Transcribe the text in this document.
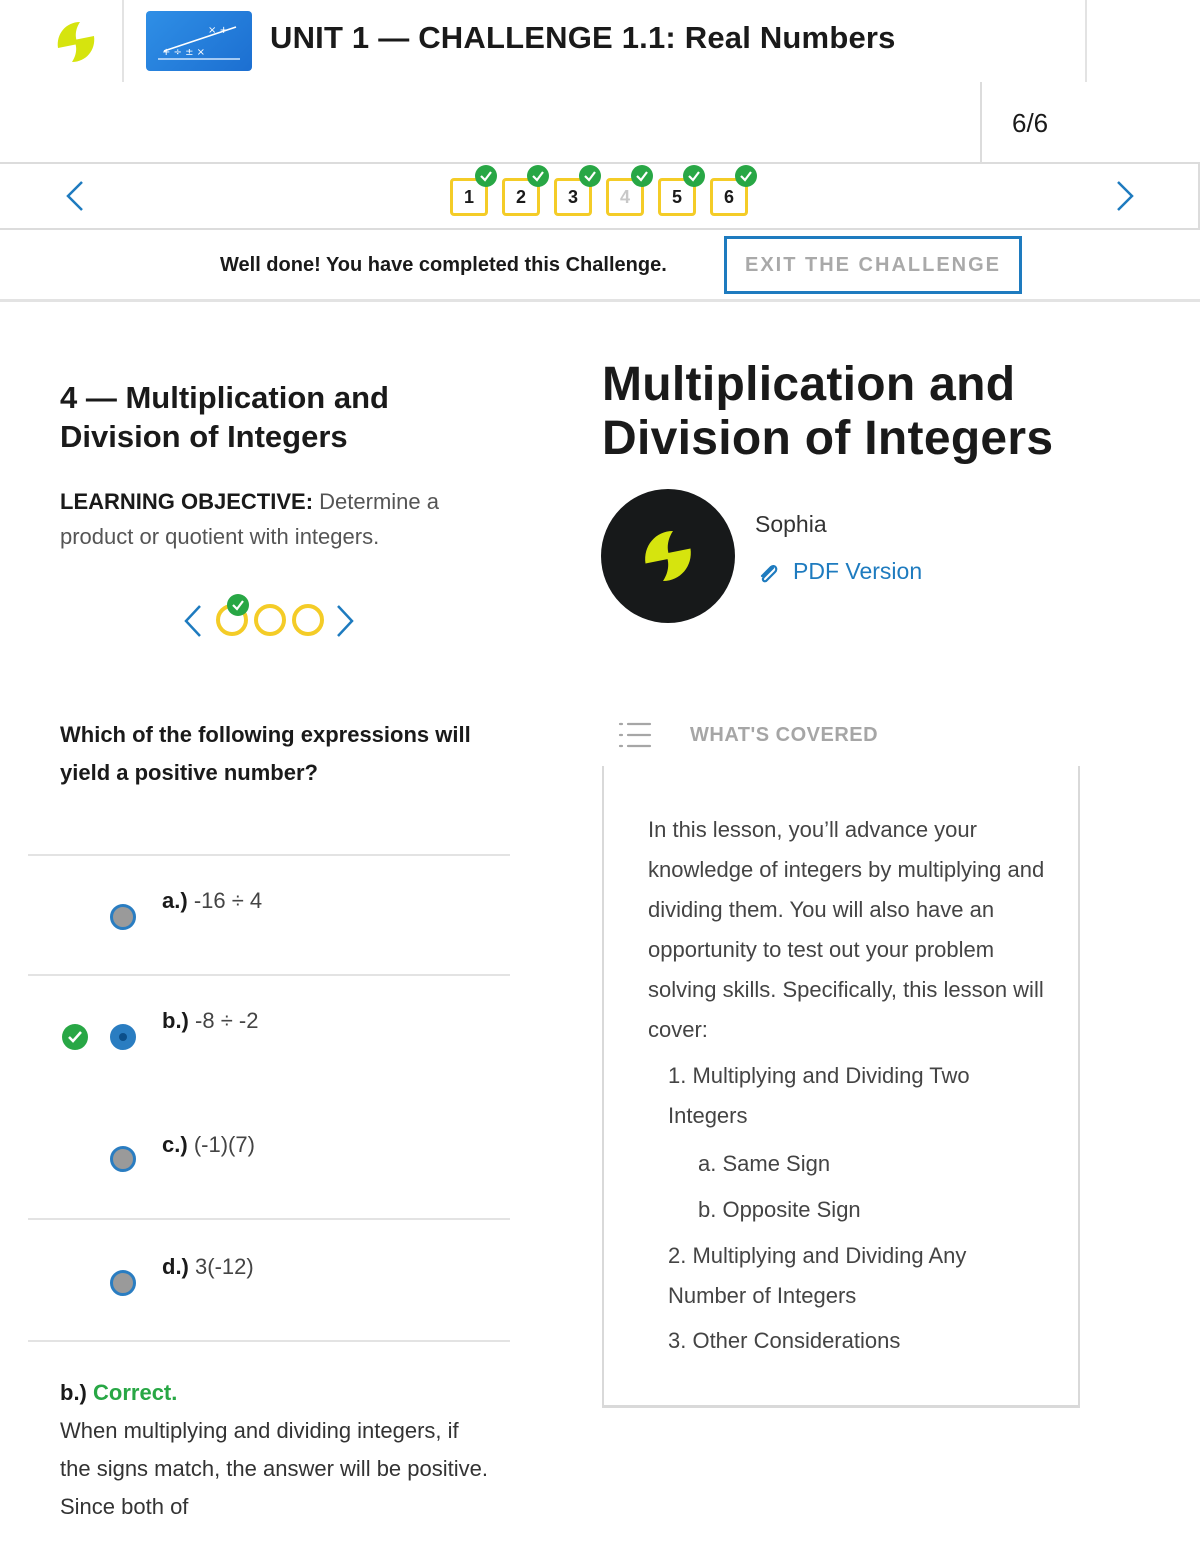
+ ÷ ± ×
× + UNIT 1 — CHALLENGE 1.1: Real Numbers
6/6
1	2	3	4	5	6
Well done! You have completed this Challenge.	EXIT THE CHALLENGE
4 — Multiplication and Division of Integers
LEARNING OBJECTIVE: Determine a product or quotient with integers.
Which of the following expressions will yield a positive number?
a.) -16 ÷ 4
b.) -8 ÷ -2
c.) (-1)(7)
d.) 3(-12)
b.) Correct.
When multiplying and dividing integers, if the signs match, the answer will be positive. Since both of
Multiplication and Division of Integers
Sophia
PDF Version
WHAT'S COVERED
In this lesson, you’ll advance your knowledge of integers by multiplying and dividing them. You will also have an opportunity to test out your problem solving skills. Specifically, this lesson will cover:
1. Multiplying and Dividing Two Integers
a. Same Sign
b. Opposite Sign
2. Multiplying and Dividing Any Number of Integers
3. Other Considerations
